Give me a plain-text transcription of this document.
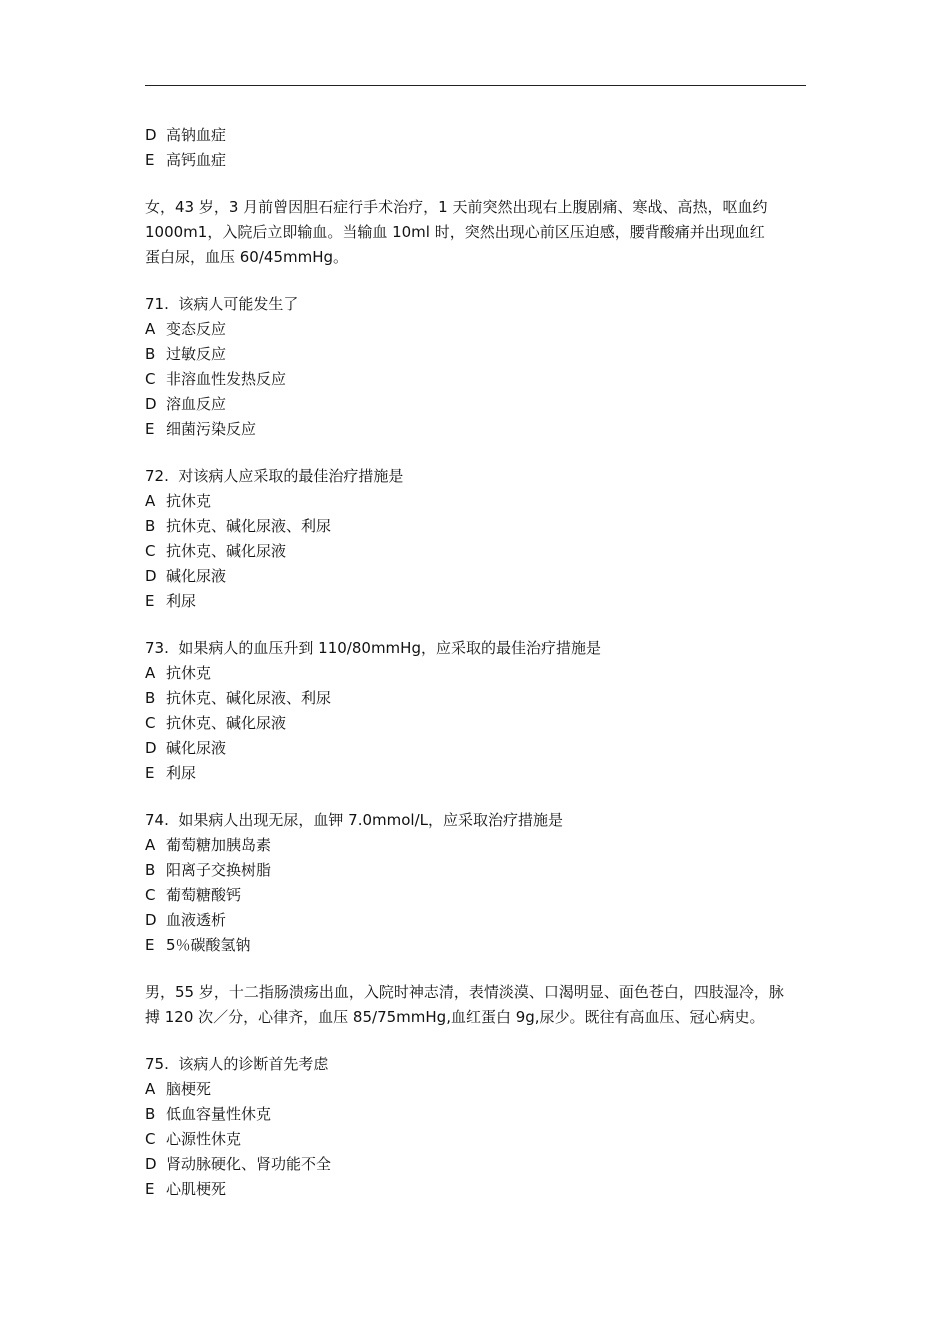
D 高钠血症
E 高钙血症
女，43 岁，3 月前曾因胆石症行手术治疗，1 天前突然出现右上腹剧痛、寒战、高热，呕血约
1000m1，入院后立即输血。当输血 10ml 时，突然出现心前区压迫感，腰背酸痛并出现血红
蛋白尿，血压 60/45mmHg。
71. 该病人可能发生了
A 变态反应
B 过敏反应
C 非溶血性发热反应
D 溶血反应
E 细菌污染反应
72. 对该病人应采取的最佳治疗措施是
A 抗休克
B 抗休克、碱化尿液、利尿
C 抗休克、碱化尿液
D 碱化尿液
E 利尿
73. 如果病人的血压升到 110/80mmHg，应采取的最佳治疗措施是
A 抗休克
B 抗休克、碱化尿液、利尿
C 抗休克、碱化尿液
D 碱化尿液
E 利尿
74. 如果病人出现无尿，血钾 7.0mmol/L，应采取治疗措施是
A 葡萄糖加胰岛素
B 阳离子交换树脂
C 葡萄糖酸钙
D 血液透析
E 5％碳酸氢钠
男，55 岁，十二指肠溃疡出血，入院时神志清，表情淡漠、口渴明显、面色苍白，四肢湿冷，脉
搏 120 次／分，心律齐，血压 85/75mmHg,血红蛋白 9g,尿少。既往有高血压、冠心病史。
75. 该病人的诊断首先考虑
A 脑梗死
B 低血容量性休克
C 心源性休克
D 肾动脉硬化、肾功能不全
E 心肌梗死
